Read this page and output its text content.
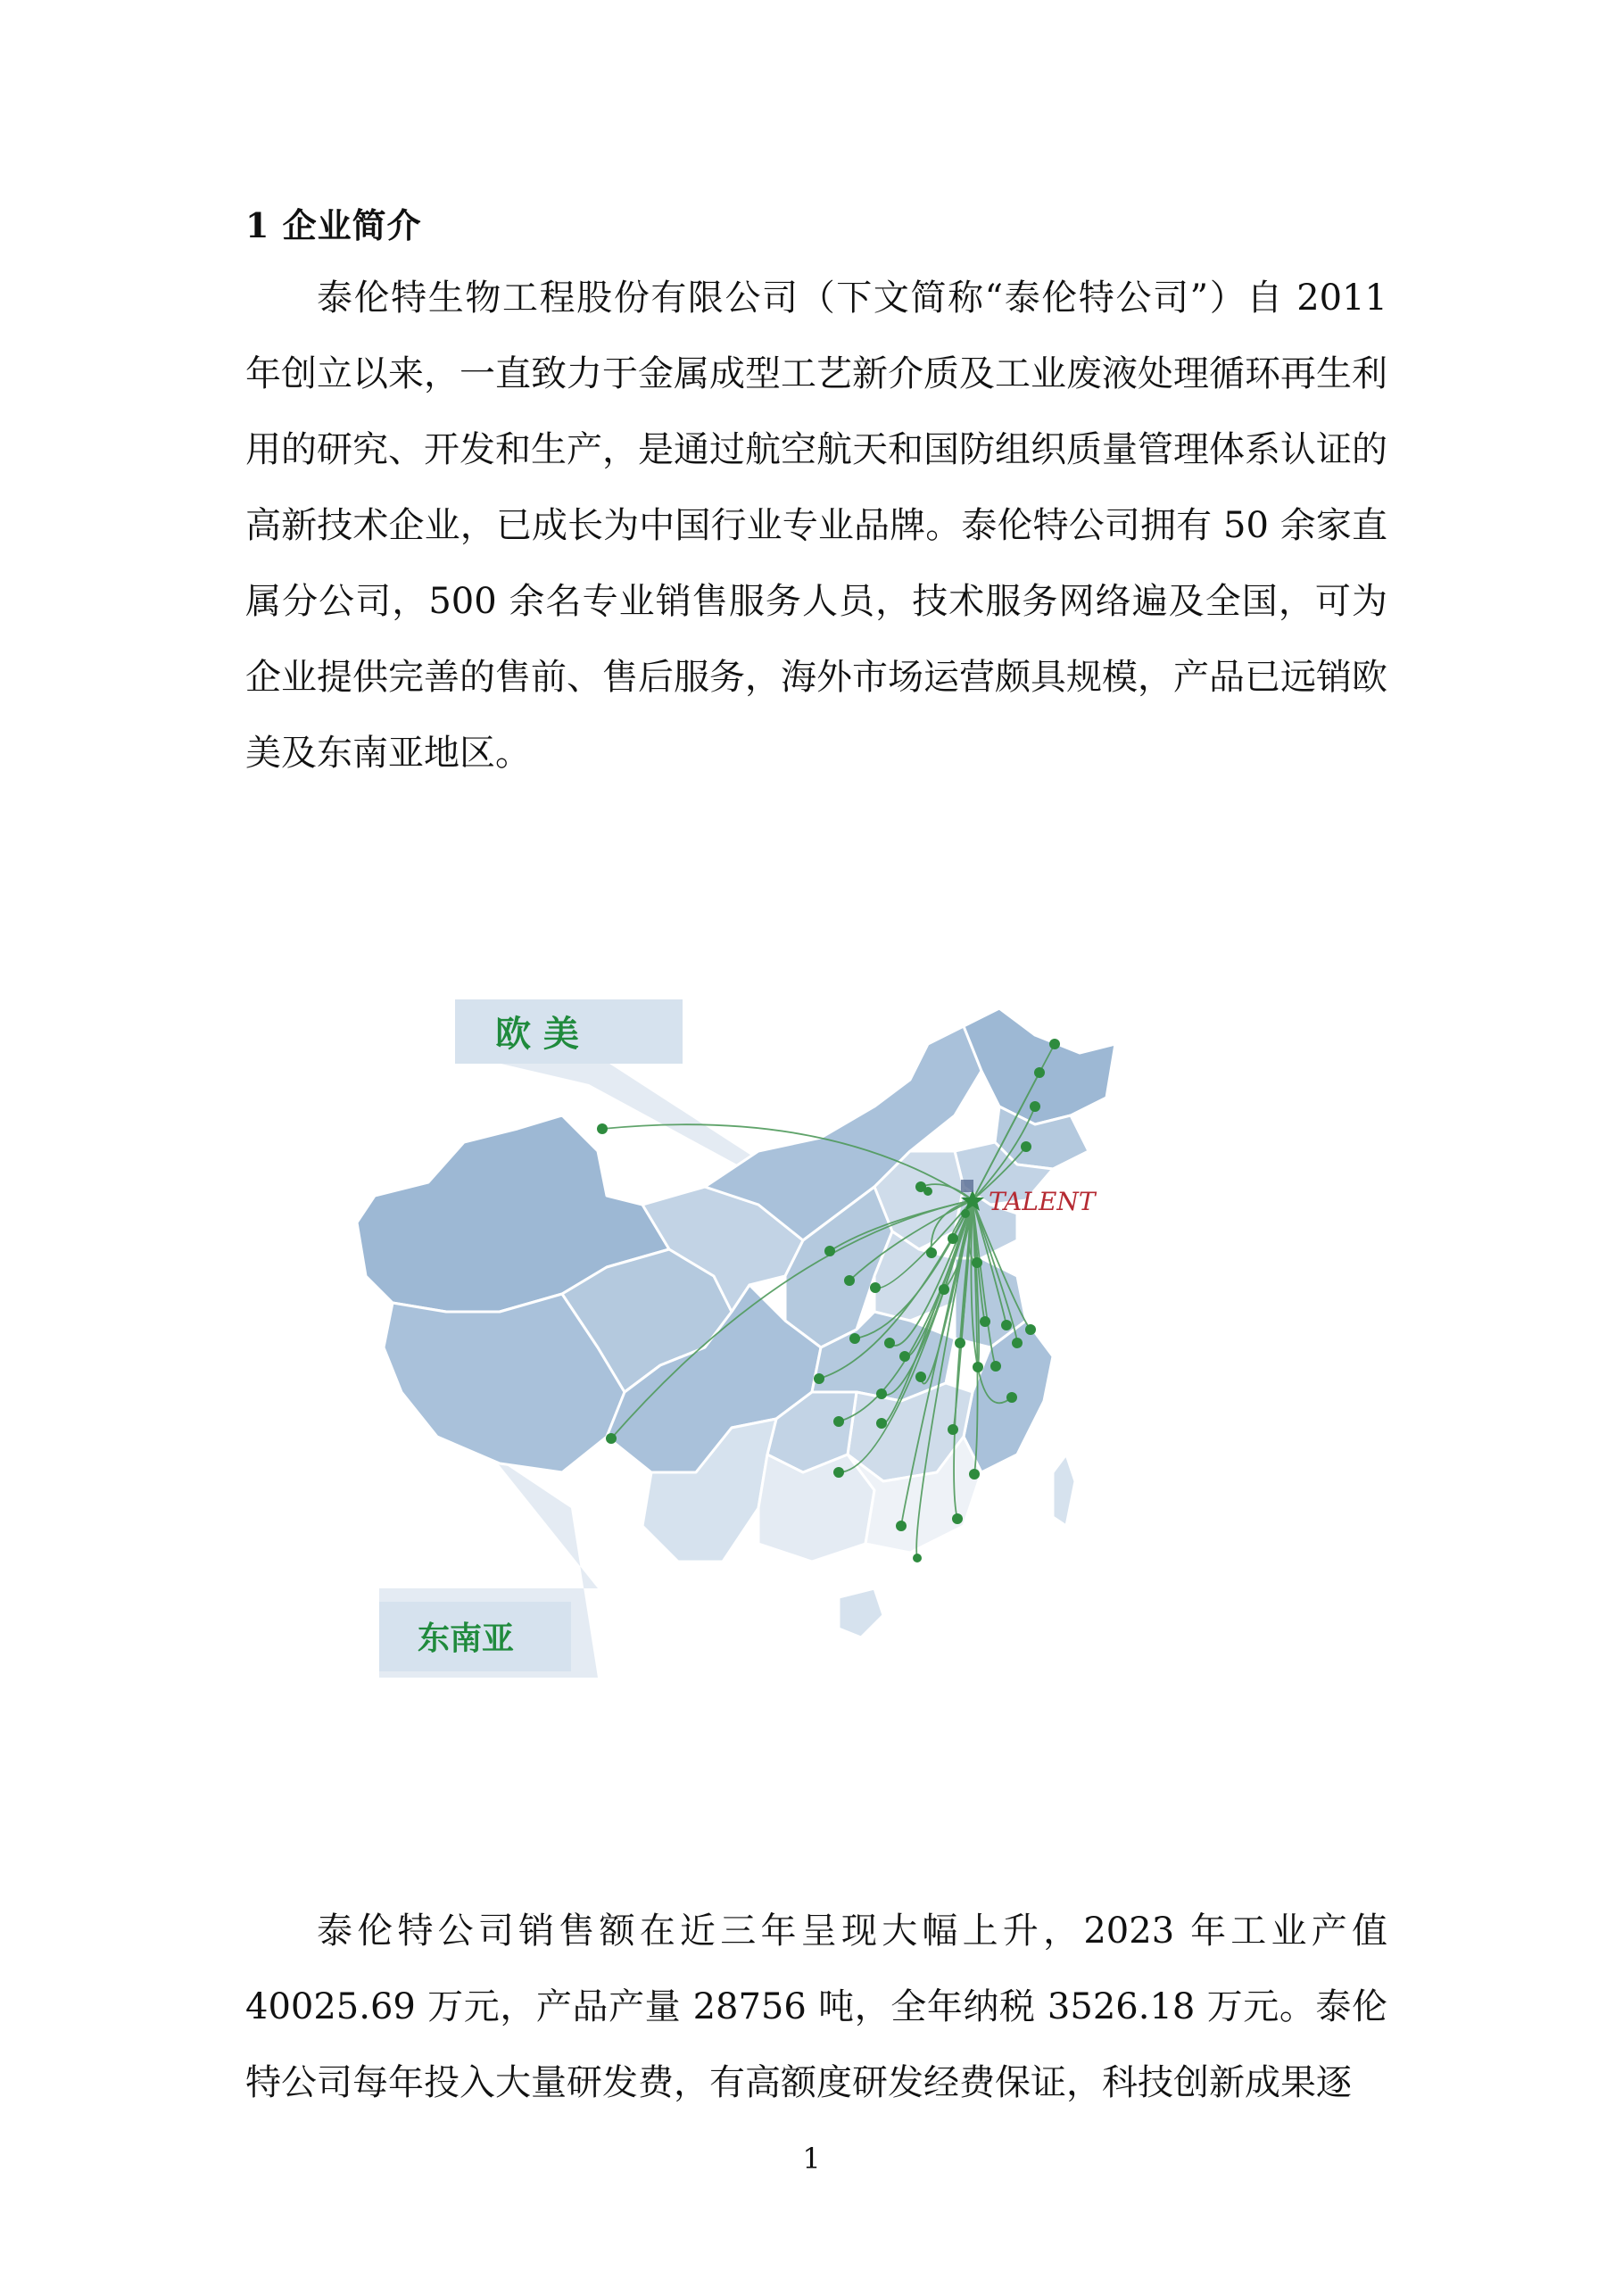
1 企业简介

泰伦特生物工程股份有限公司（下文简称“泰伦特公司”）自 2011 年创立以来，一直致力于金属成型工艺新介质及工业废液处理循环再生利用的研究、开发和生产，是通过航空航天和国防组织质量管理体系认证的高新技术企业，已成长为中国行业专业品牌。泰伦特公司拥有 50 余家直属分公司，500 余名专业销售服务人员，技术服务网络遍及全国，可为企业提供完善的售前、售后服务，海外市场运营颇具规模，产品已远销欧美及东南亚地区。

欧 美
东南亚
TALENT

泰伦特公司销售额在近三年呈现大幅上升，2023 年工业产值 40025.69 万元，产品产量 28756 吨，全年纳税 3526.18 万元。泰伦特公司每年投入大量研发费，有高额度研发经费保证，科技创新成果逐

1
